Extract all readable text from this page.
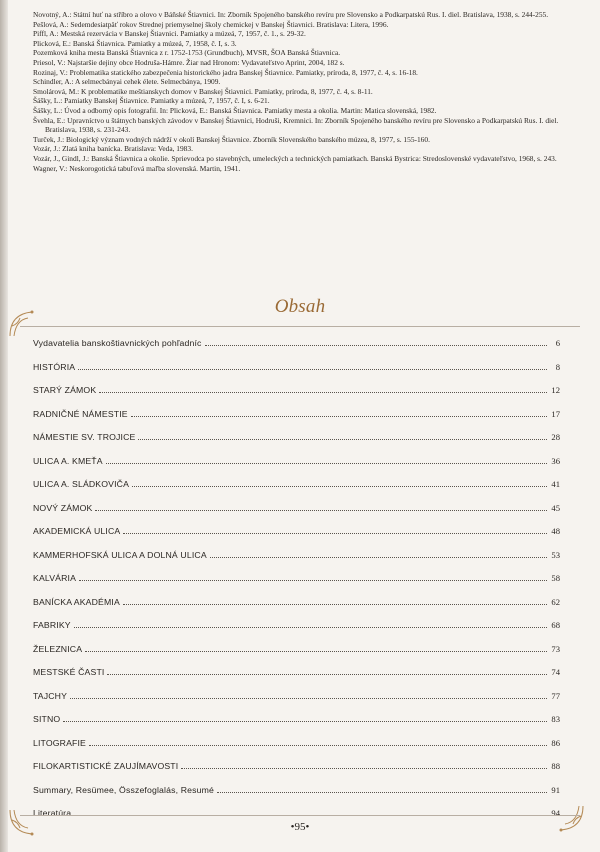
Novotný, A.: Státní huť na stříbro a olovo v Báňské Štiavnici. In: Zborník Spojeného banského revíru pre Slovensko a Podkarpatskú Rus. I. diel. Bratislava, 1938, s. 244-255.

Pešlová, A.: Sedemdesiatpäť rokov Strednej priemyselnej školy chemickej v Banskej Štiavnici. Bratislava: Litera, 1996.

Piffl, A.: Mestská rezervácia v Banskej Štiavnici. Pamiatky a múzeá, 7, 1957, č. 1., s. 29-32.

Plicková, E.: Banská Štiavnica. Pamiatky a múzeá, 7, 1958, č. I, s. 3.

Pozemková kniha mesta Banská Štiavnica z r. 1752-1753 (Grundbuch), MVSR, ŠOA Banská Štiavnica.

Priesol, V.: Najstaršie dejiny obce Hodruša-Hámre. Žiar nad Hronom: Vydavateľstvo Aprint, 2004, 182 s.

Rozinaj, V.: Problematika statického zabezpečenia historického jadra Banskej Štiavnice. Pamiatky, príroda, 8, 1977, č. 4, s. 16-18.

Schindler, A.: A selmecbányai cehek élete. Selmecbánya, 1909.

Smolárová, M.: K problematike meštianskych domov v Banskej Štiavnici. Pamiatky, príroda, 8, 1977, č. 4, s. 8-11.

Šášky, L.: Pamiatky Banskej Štiavnice. Pamiatky a múzeá, 7, 1957, č. I, s. 6-21.

Šášky, L.: Úvod a odborný opis fotografií. In: Plicková, E.: Banská Štiavnica. Pamiatky mesta a okolia. Martin: Matica slovenská, 1982.

Švehla, E.: Upravníctvo u štátnych banských závodov v Banskej Štiavnici, Hodruši, Kremnici. In: Zborník Spojeného banského revíru pre Slovensko a Podkarpatskú Rus. I. diel. Bratislava, 1938, s. 231-243.

Turček, J.: Biologický význam vodných nádrží v okolí Banskej Štiavnice. Zborník Slovenského banského múzea, 8, 1977, s. 155-160.

Vozár, J.: Zlatá kniha banícka. Bratislava: Veda, 1983.

Vozár, J., Gindl, J.: Banská Štiavnica a okolie. Sprievodca po stavebných, umeleckých a technických pamiatkach. Banská Bystrica: Stredoslovenské vydavateľstvo, 1968, s. 243.

Wagner, V.: Neskorogotická tabuľová maľba slovenská. Martin, 1941.

Obsah
Vydavatelia banskoštiavnických pohľadníc	6
HISTÓRIA	8
STARÝ ZÁMOK	12
RADNIČNÉ NÁMESTIE	17
NÁMESTIE SV. TROJICE	28
ULICA A. KMEŤA	36
ULICA A. SLÁDKOVIČA	41
NOVÝ ZÁMOK	45
AKADEMICKÁ ULICA	48
KAMMERHOFSKÁ ULICA A DOLNÁ ULICA	53
KALVÁRIA	58
BANÍCKA AKADÉMIA	62
FABRIKY	68
ŽELEZNICA	73
MESTSKÉ ČASTI	74
TAJCHY	77
SITNO	83
LITOGRAFIE	86
FILOKARTISTICKÉ ZAUJÍMAVOSTI	88
Summary, Resümee, Összefoglalás, Resumé	91
Literatúra	94
•95•
